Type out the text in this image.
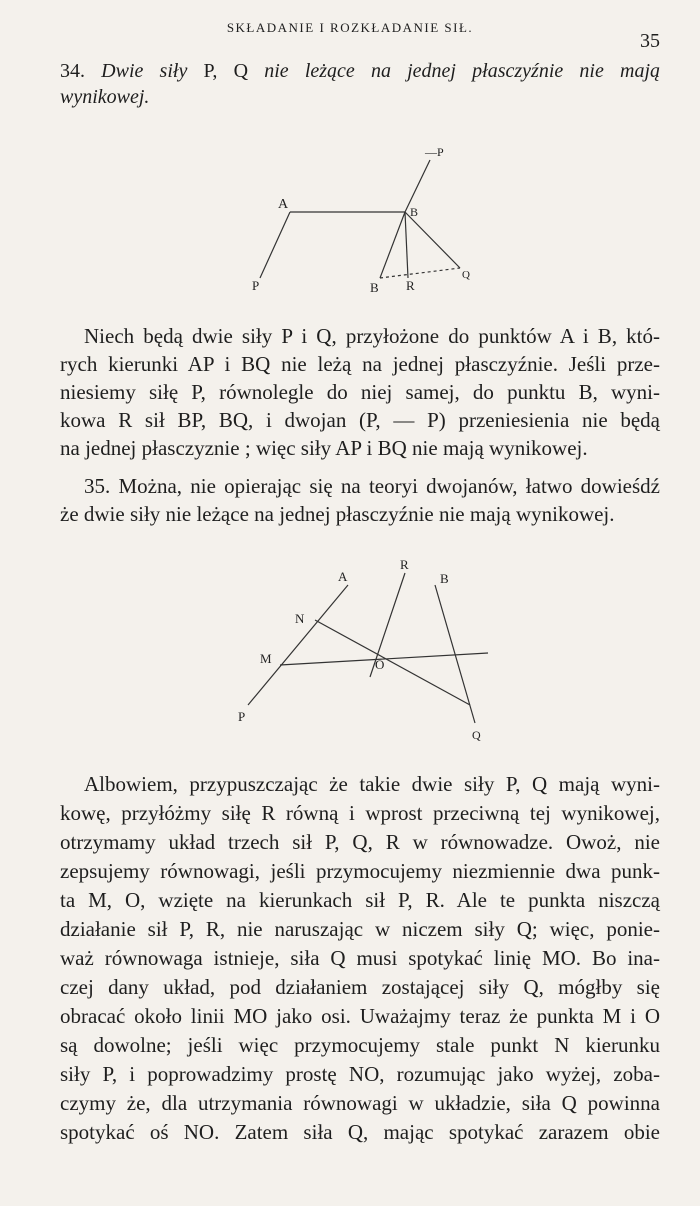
SKŁADANIE I ROZKŁADANIE SIŁ.
35
34. Dwie siły P, Q nie leżące na jednej płasczyźnie nie mają
wynikowej.
—P
A	B
P	B R
Q
Niech będą dwie siły P i Q, przyłożone do punktów A i B, któ-
rych kierunki AP i BQ nie leżą na jednej płasczyźnie. Jeśli prze-
niesiemy siłę P, równolegle do niej samej, do punktu B, wyni-
kowa R sił BP, BQ, i dwojan (P, — P) przeniesienia nie będą
na jednej płasczyznie ; więc siły AP i BQ nie mają wynikowej.
35. Można, nie opierając się na teoryi dwojanów, łatwo dowieśdź
że dwie siły nie leżące na jednej płasczyźnie nie mają wynikowej.
A
R
B
N
M	O
P
Q
Albowiem, przypuszczając że takie dwie siły P, Q mają wyni-
kowę, przyłóżmy siłę R równą i wprost przeciwną tej wynikowej,
otrzymamy układ trzech sił P, Q, R w równowadze. Owoż, nie
zepsujemy równowagi, jeśli przymocujemy niezmiennie dwa punk-
ta M, O, wzięte na kierunkach sił P, R. Ale te punkta niszczą
działanie sił P, R, nie naruszając w niczem siły Q; więc, ponie-
waż równowaga istnieje, siła Q musi spotykać linię MO. Bo ina-
czej dany układ, pod działaniem zostającej siły Q, mógłby się
obracać około linii MO jako osi. Uważajmy teraz że punkta M i O
są dowolne; jeśli więc przymocujemy stale punkt N kierunku
siły P, i poprowadzimy prostę NO, rozumując jako wyżej, zoba-
czymy że, dla utrzymania równowagi w układzie, siła Q powinna
spotykać oś NO. Zatem siła Q, mając spotykać zarazem obie
